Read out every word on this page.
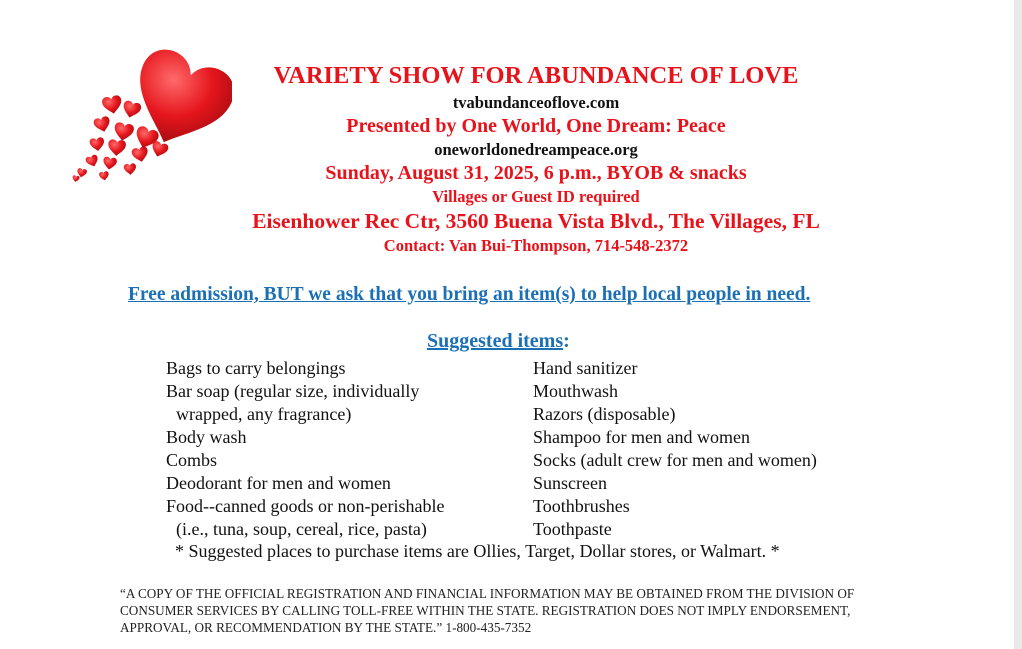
VARIETY SHOW FOR ABUNDANCE OF LOVE
tvabundanceoflove.com
Presented by One World, One Dream: Peace
oneworldonedreampeace.org
Sunday, August 31, 2025, 6 p.m., BYOB & snacks
Villages or Guest ID required
Eisenhower Rec Ctr, 3560 Buena Vista Blvd., The Villages, FL
Contact: Van Bui-Thompson, 714-548-2372
Free admission, BUT we ask that you bring an item(s) to help local people in need.
Suggested items:
Bags to carry belongings
Bar soap (regular size, individually
wrapped, any fragrance)
Body wash
Combs
Deodorant for men and women
Food--canned goods or non-perishable
(i.e., tuna, soup, cereal, rice, pasta)
Hand sanitizer
Mouthwash
Razors (disposable)
Shampoo for men and women
Socks (adult crew for men and women)
Sunscreen
Toothbrushes
Toothpaste
* Suggested places to purchase items are Ollies, Target, Dollar stores, or Walmart. *
“A COPY OF THE OFFICIAL REGISTRATION AND FINANCIAL INFORMATION MAY BE OBTAINED FROM THE DIVISION OF
CONSUMER SERVICES BY CALLING TOLL-FREE WITHIN THE STATE. REGISTRATION DOES NOT IMPLY ENDORSEMENT,
APPROVAL, OR RECOMMENDATION BY THE STATE.” 1-800-435-7352
